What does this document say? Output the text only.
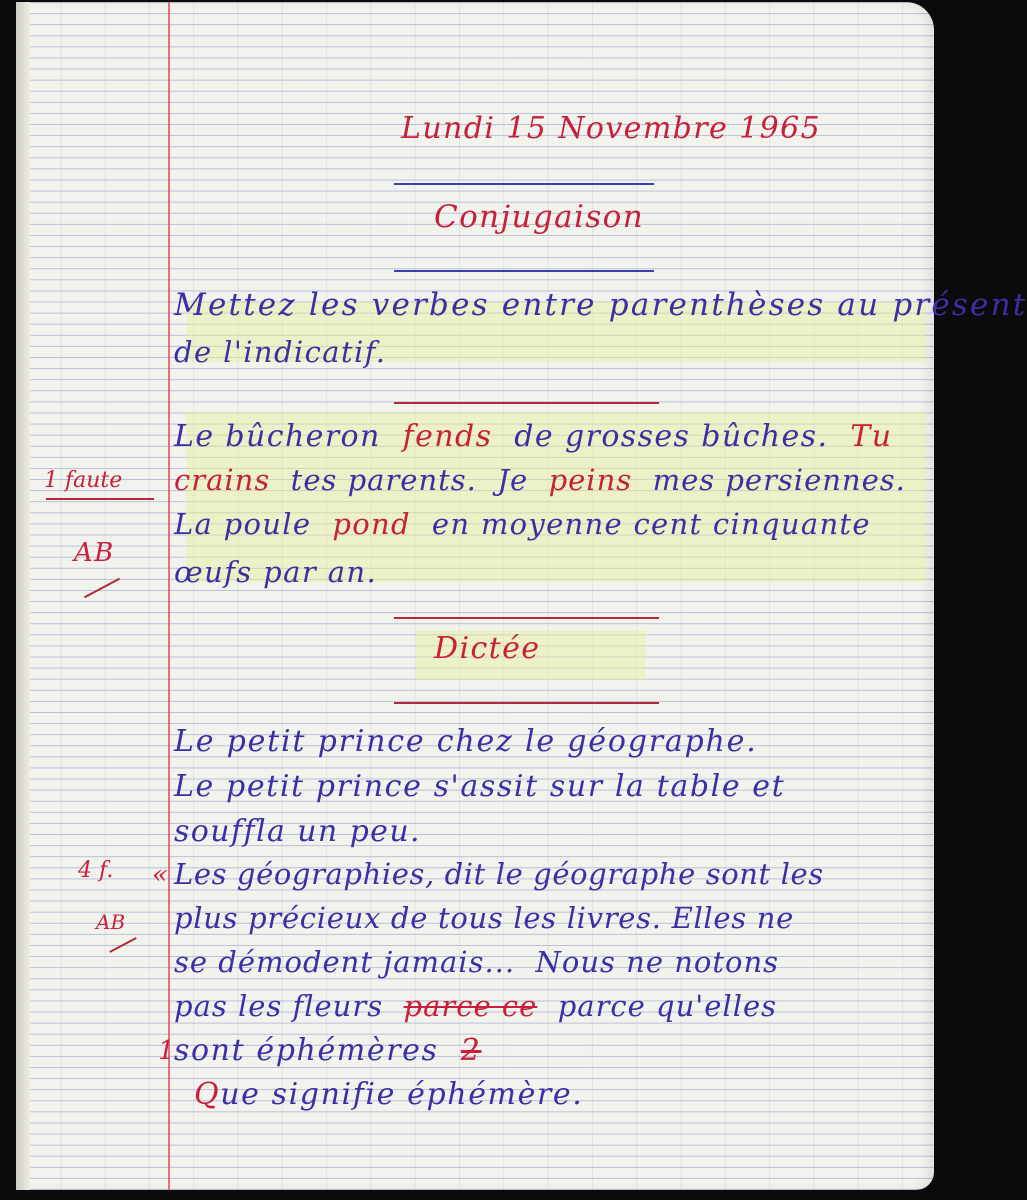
Lundi 15 Novembre 1965
Conjugaison
Mettez les verbes entre parenthèses au présent
de l'indicatif.
Le bûcheron fends de grosses bûches. Tu
crains tes parents. Je peins mes persiennes.
La poule pond en moyenne cent cinquante
œufs par an.
1 faute
AB
Dictée
Le petit prince chez le géographe.
Le petit prince s'assit sur la table et
souffla un peu.
Les géographies, dit le géographe sont les
plus précieux de tous les livres. Elles ne
se démodent jamais... Nous ne notons
pas les fleurs parce ce parce qu'elles
sont éphémères 2
Que signifie éphémère.
4 f.
AB
«
1
